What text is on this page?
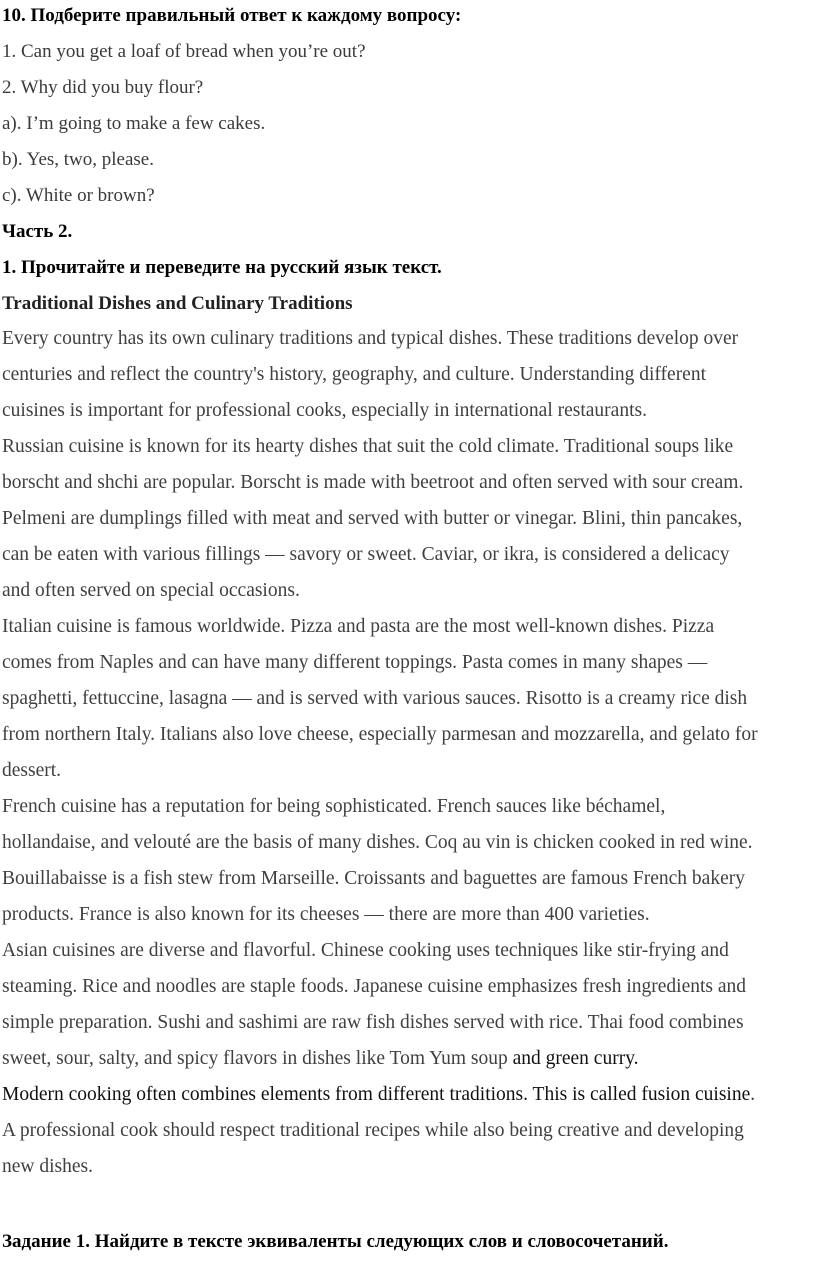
10. Подберите правильный ответ к каждому вопросу:
1. Can you get a loaf of bread when you’re out?
2. Why did you buy flour?
a). I’m going to make a few cakes.
b). Yes, two, please.
c). White or brown?
Часть 2.
1. Прочитайте и переведите на русский язык текст.
Traditional Dishes and Culinary Traditions
Every country has its own culinary traditions and typical dishes. These traditions develop over
centuries and reflect the country's history, geography, and culture. Understanding different
cuisines is important for professional cooks, especially in international restaurants.
Russian cuisine is known for its hearty dishes that suit the cold climate. Traditional soups like
borscht and shchi are popular. Borscht is made with beetroot and often served with sour cream.
Pelmeni are dumplings filled with meat and served with butter or vinegar. Blini, thin pancakes,
can be eaten with various fillings — savory or sweet. Caviar, or ikra, is considered a delicacy
and often served on special occasions.
Italian cuisine is famous worldwide. Pizza and pasta are the most well-known dishes. Pizza
comes from Naples and can have many different toppings. Pasta comes in many shapes —
spaghetti, fettuccine, lasagna — and is served with various sauces. Risotto is a creamy rice dish
from northern Italy. Italians also love cheese, especially parmesan and mozzarella, and gelato for
dessert.
French cuisine has a reputation for being sophisticated. French sauces like béchamel,
hollandaise, and velouté are the basis of many dishes. Coq au vin is chicken cooked in red wine.
Bouillabaisse is a fish stew from Marseille. Croissants and baguettes are famous French bakery
products. France is also known for its cheeses — there are more than 400 varieties.
Asian cuisines are diverse and flavorful. Chinese cooking uses techniques like stir-frying and
steaming. Rice and noodles are staple foods. Japanese cuisine emphasizes fresh ingredients and
simple preparation. Sushi and sashimi are raw fish dishes served with rice. Thai food combines
sweet, sour, salty, and spicy flavors in dishes like Tom Yum soup and green curry.
Modern cooking often combines elements from different traditions. This is called fusion cuisine.
A professional cook should respect traditional recipes while also being creative and developing
new dishes.
Задание 1. Найдите в тексте эквиваленты следующих слов и словосочетаний.
